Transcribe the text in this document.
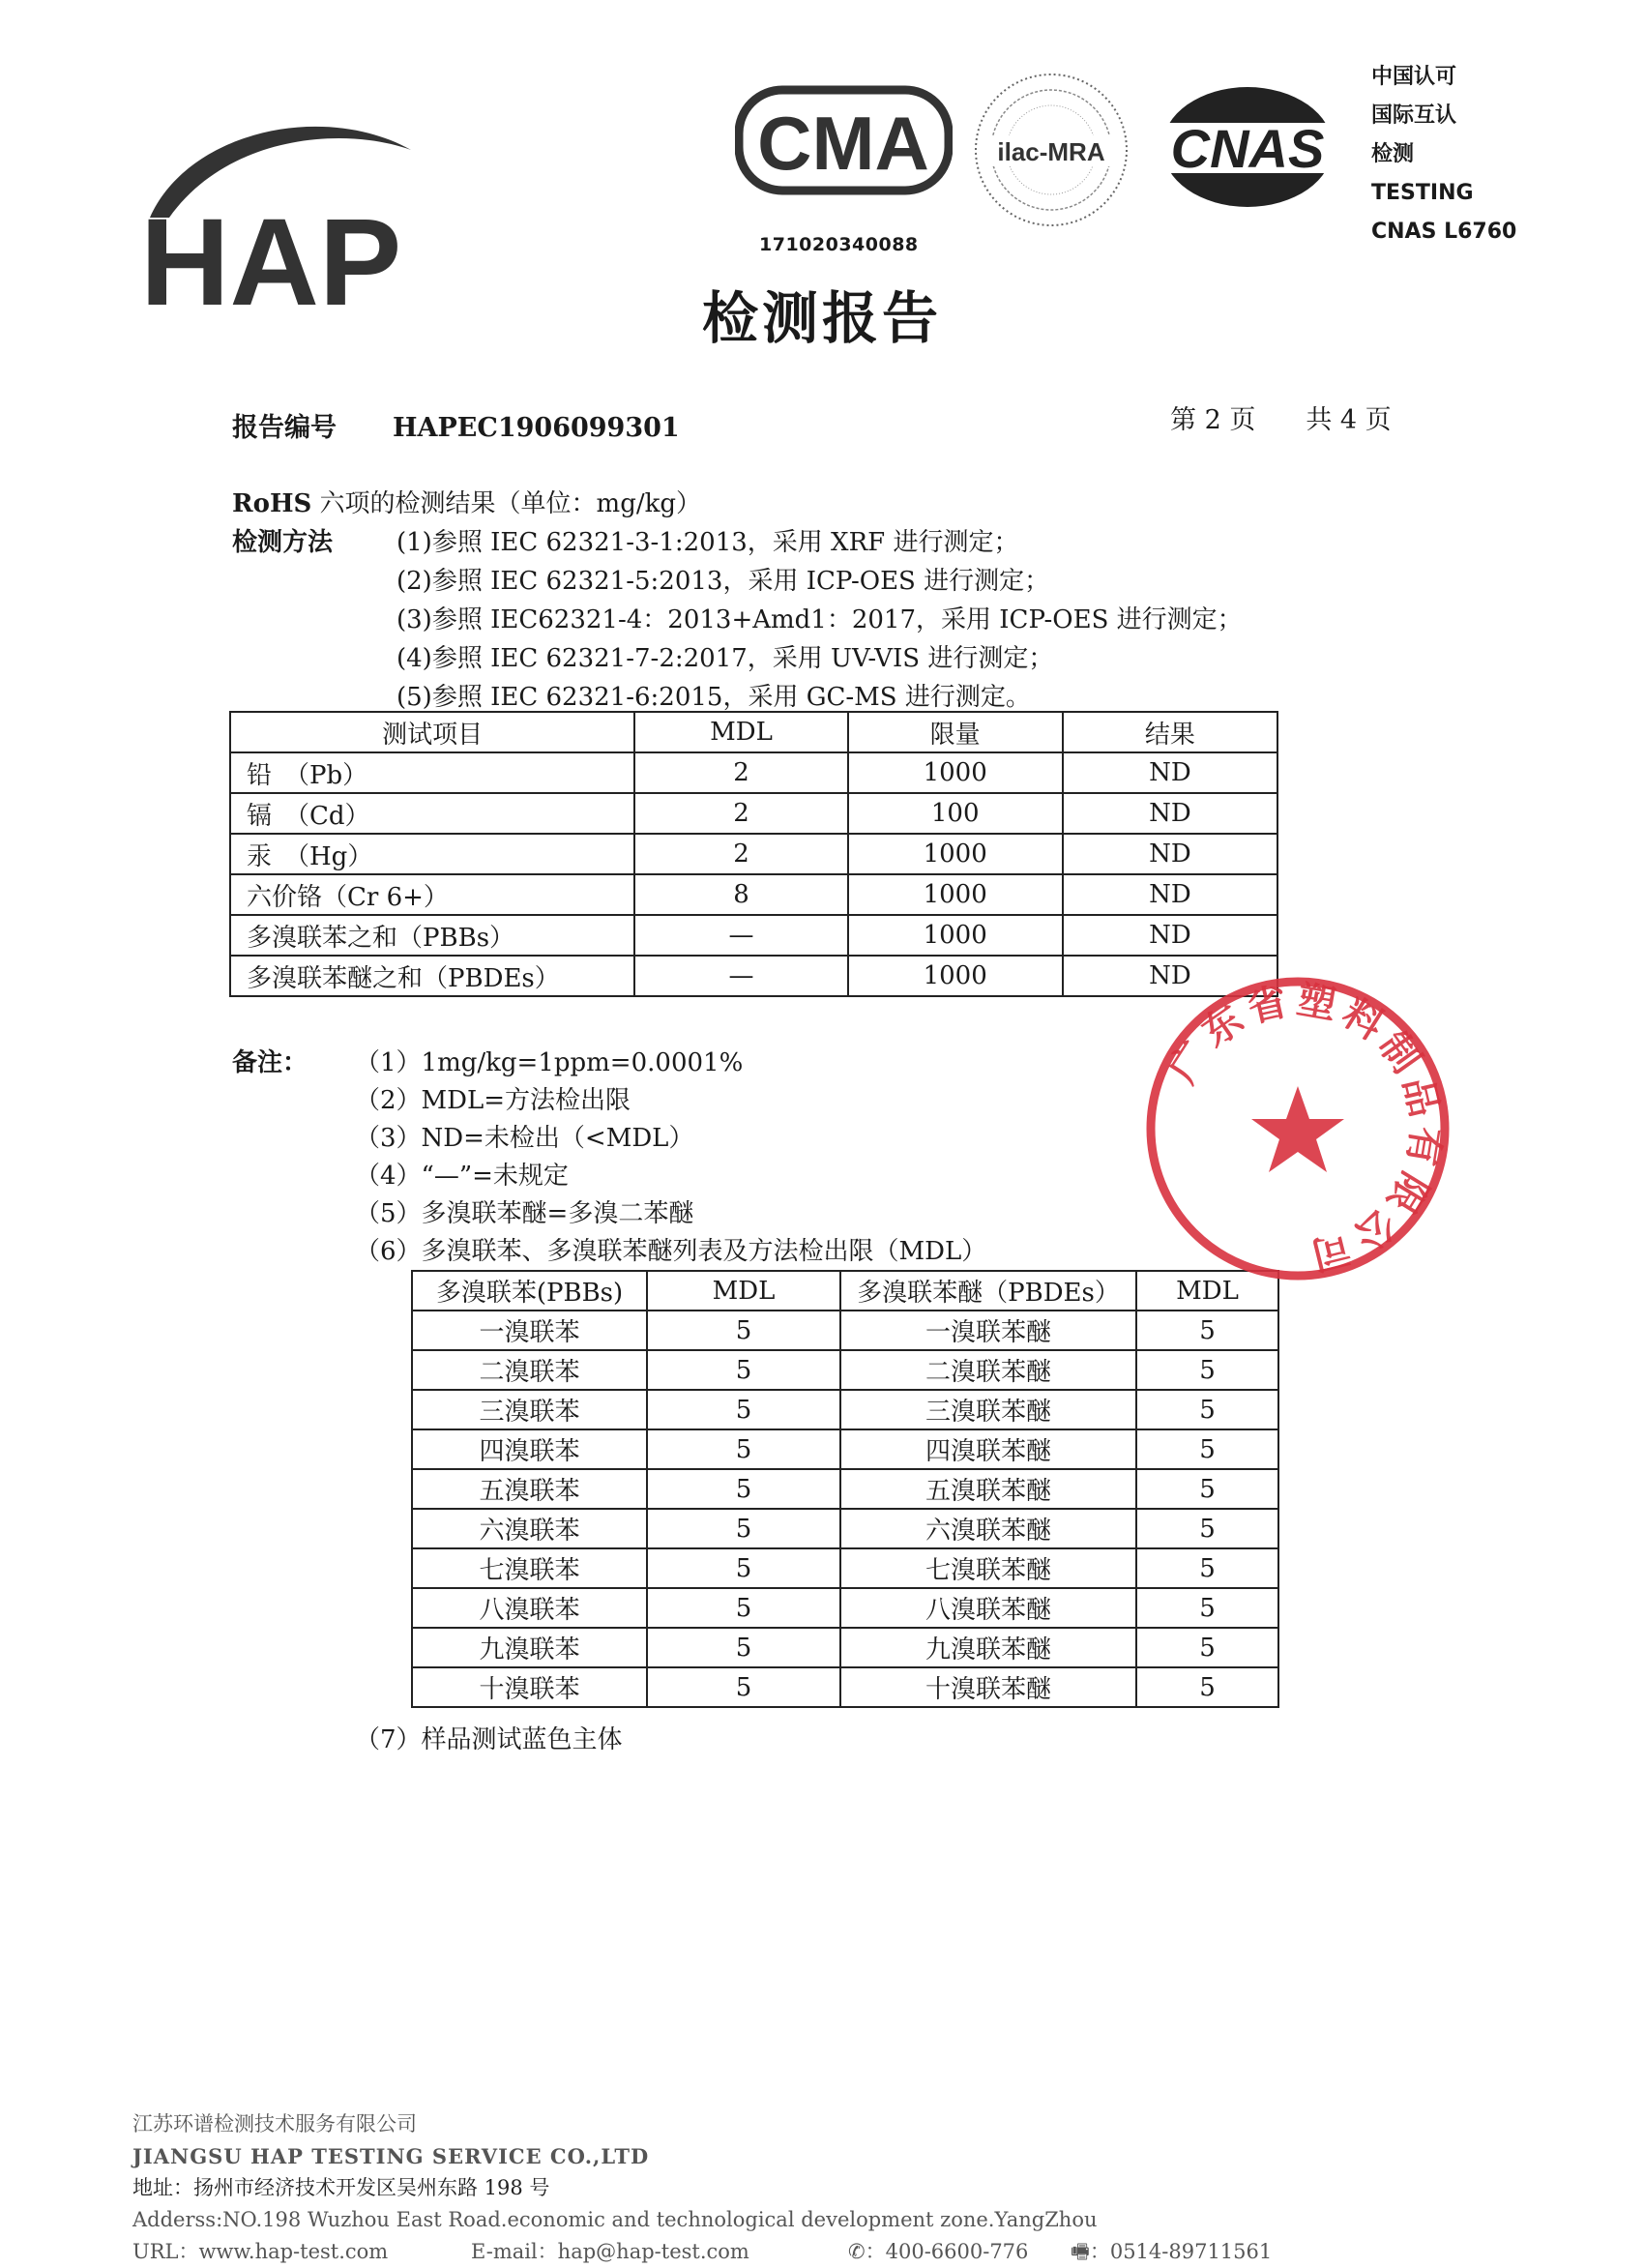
HAP
CMA	ilac-MRA CNAS
171020340088
中国认可
国际互认
检测
TESTING
CNAS L6760
检测报告
报告编号 HAPEC1906099301	第 2 页 共 4 页
RoHS 六项的检测结果（单位：mg/kg）
检测方法	(1)参照 IEC 62321-3-1:2013，采用 XRF 进行测定；
(2)参照 IEC 62321-5:2013，采用 ICP-OES 进行测定；
(3)参照 IEC62321-4：2013+Amd1：2017，采用 ICP-OES 进行测定；
(4)参照 IEC 62321-7-2:2017，采用 UV-VIS 进行测定；
(5)参照 IEC 62321-6:2015，采用 GC-MS 进行测定。
测试项目	MDL	限量	结果
铅　（Pb）	2	1000	ND
镉　（Cd）	2	100	ND
汞　（Hg）	2	1000	ND
六价铬（Cr 6+）	8	1000	ND
多溴联苯之和（PBBs）	—	1000	ND
多溴联苯醚之和（PBDEs）	—	1000	ND
备注： （1）1mg/kg=1ppm=0.0001%
（2）MDL=方法检出限
（3）ND=未检出（<MDL）
（4）“—”=未规定
（5）多溴联苯醚=多溴二苯醚
（6）多溴联苯、多溴联苯醚列表及方法检出限（MDL）
多溴联苯(PBBs)	MDL	多溴联苯醚（PBDEs）	MDL
一溴联苯	5	一溴联苯醚	5
二溴联苯	5	二溴联苯醚	5
三溴联苯	5	三溴联苯醚	5
四溴联苯	5	四溴联苯醚	5
五溴联苯	5	五溴联苯醚	5
六溴联苯	5	六溴联苯醚	5
七溴联苯	5	七溴联苯醚	5
八溴联苯	5	八溴联苯醚	5
九溴联苯	5	九溴联苯醚	5
十溴联苯	5	十溴联苯醚	5
（7）样品测试蓝色主体
广东省塑料制品有限公司
江苏环谱检测技术服务有限公司
JIANGSU HAP TESTING SERVICE CO.,LTD
地址：扬州市经济技术开发区吴州东路 198 号
Adderss:NO.198 Wuzhou East Road.economic and technological development zone.YangZhou
URL：www.hap-test.com	E-mail：hap@hap-test.com	✆：400-6600-776 🖷：0514-89711561
